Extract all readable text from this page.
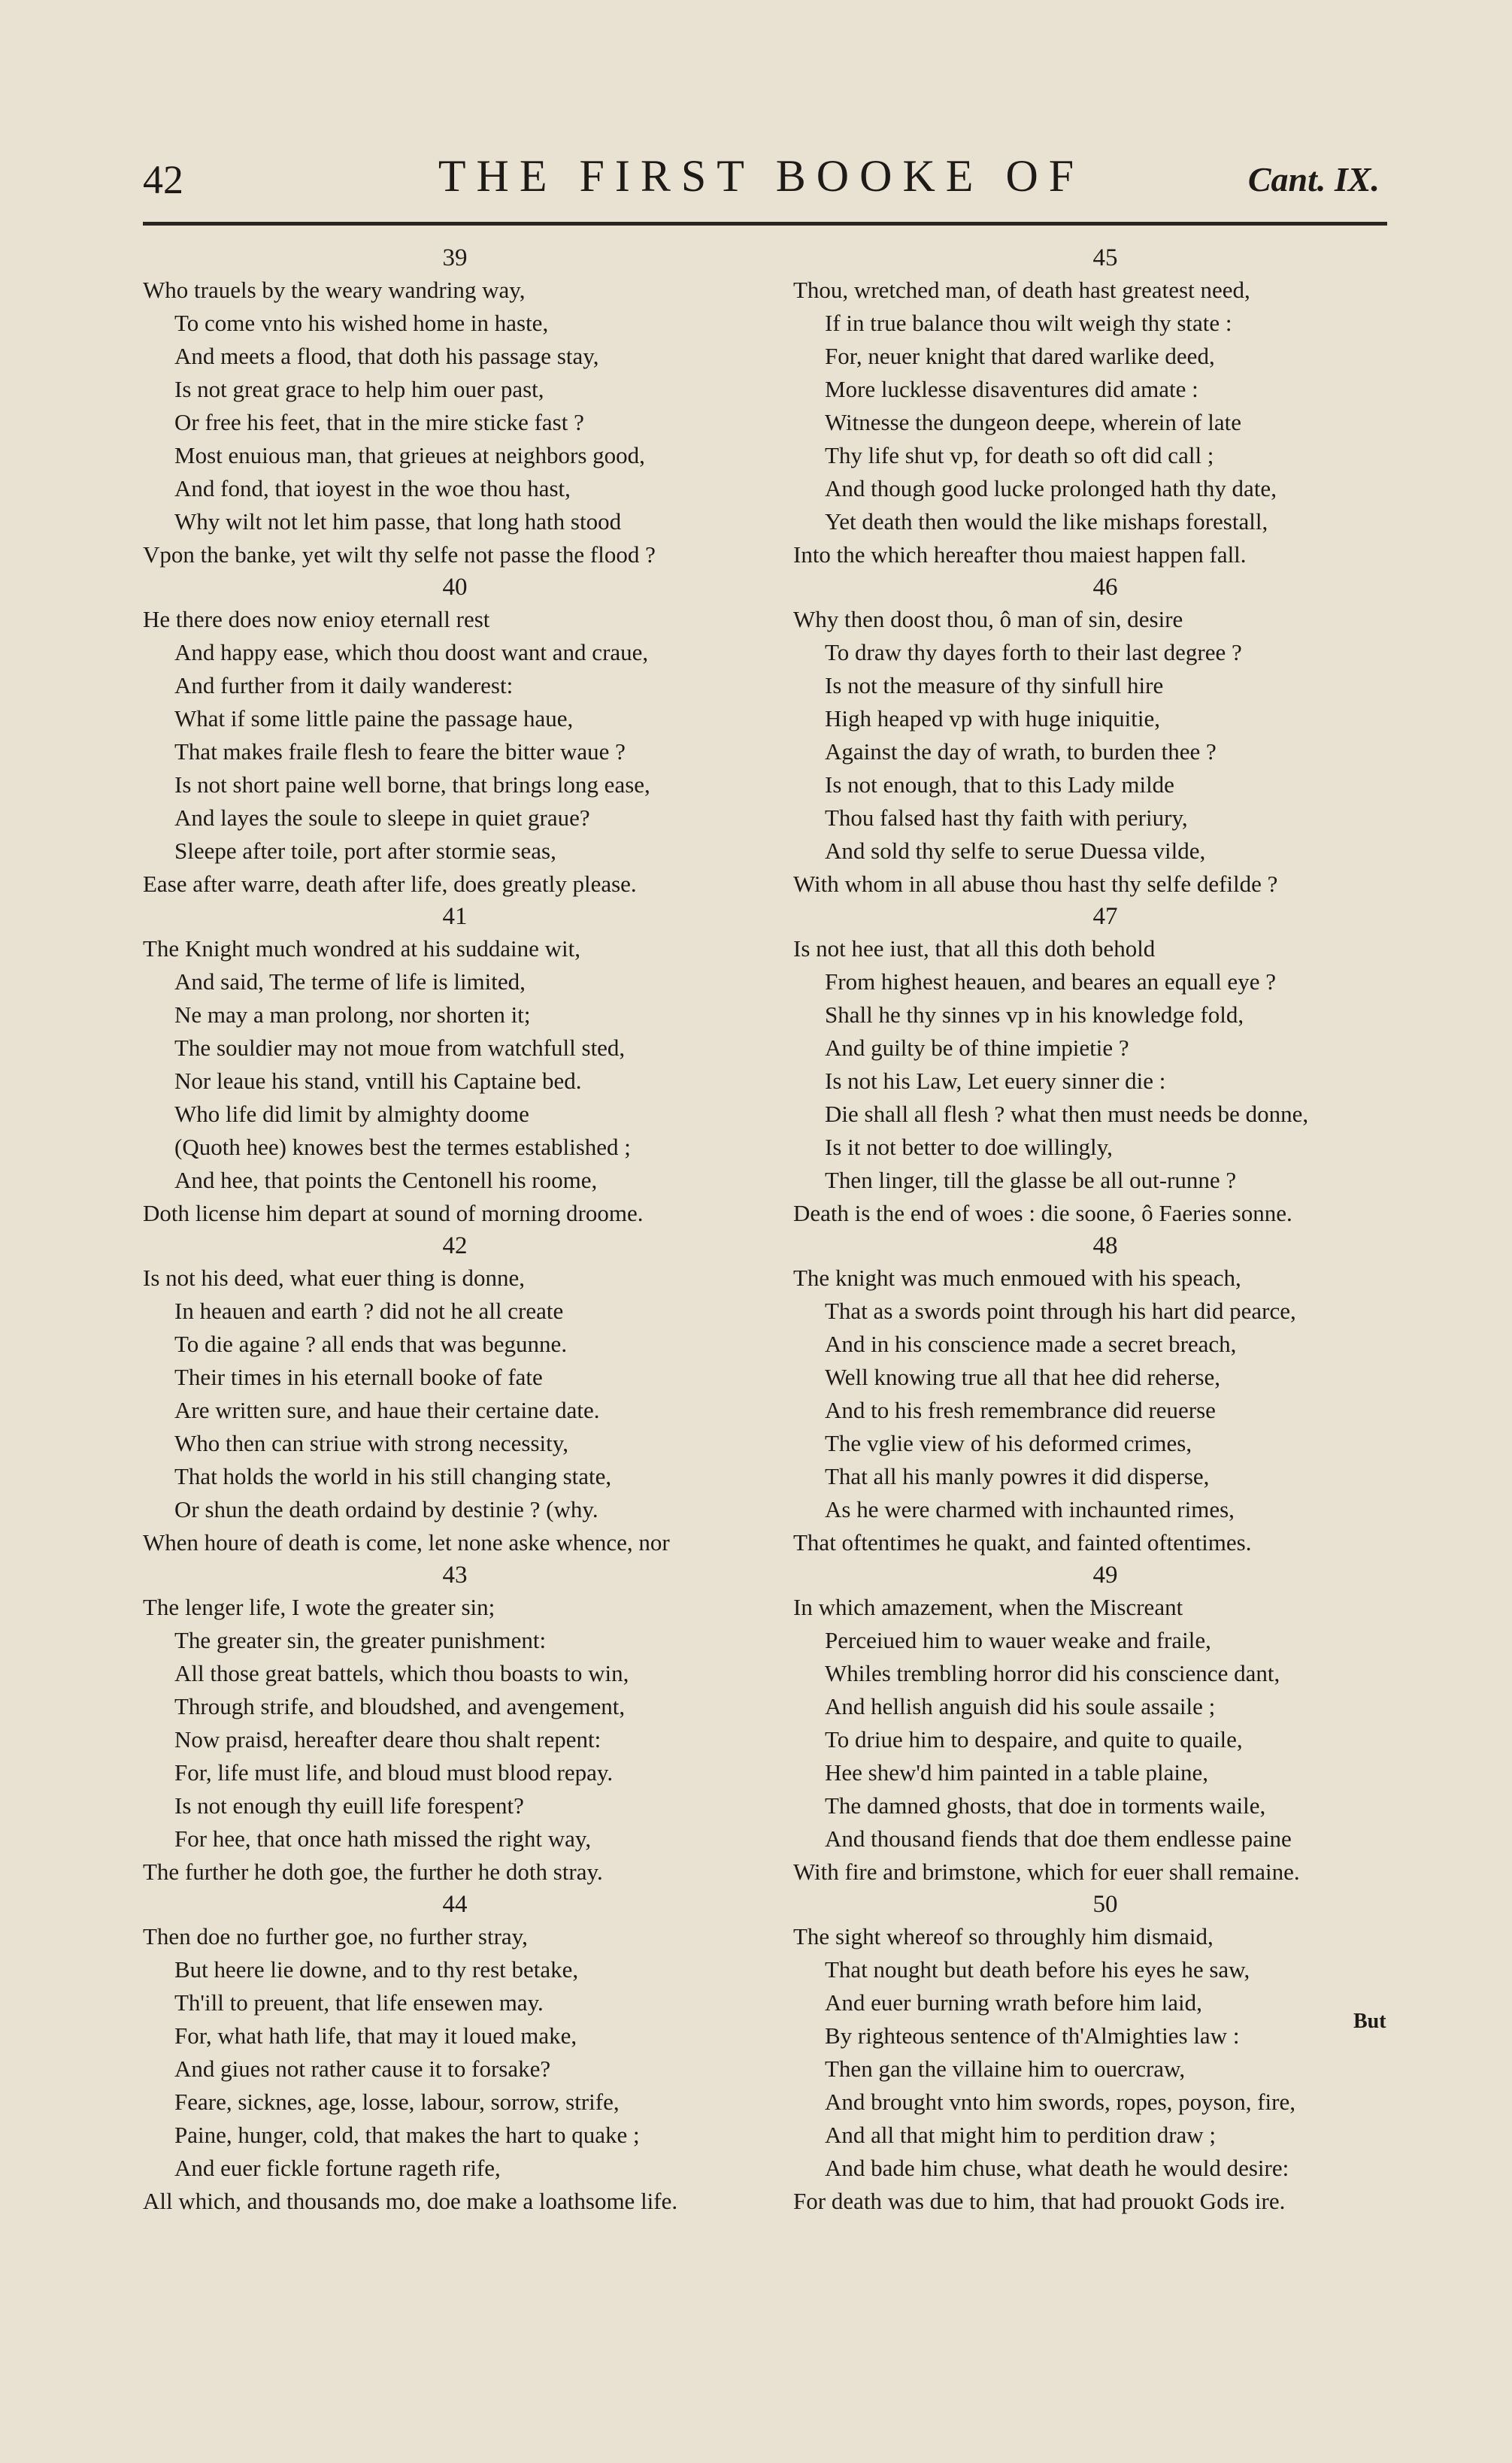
42	THE FIRST BOOKE OF	Cant. IX.
39
Who trauels by the weary wandring way,
To come vnto his wished home in haste,
And meets a flood, that doth his passage stay,
Is not great grace to help him ouer past,
Or free his feet, that in the mire sticke fast ?
Most enuious man, that grieues at neighbors good,
And fond, that ioyest in the woe thou hast,
Why wilt not let him passe, that long hath stood
Vpon the banke, yet wilt thy selfe not passe the flood ?
40
He there does now enioy eternall rest
And happy ease, which thou doost want and craue,
And further from it daily wanderest:
What if some little paine the passage haue,
That makes fraile flesh to feare the bitter waue ?
Is not short paine well borne, that brings long ease,
And layes the soule to sleepe in quiet graue?
Sleepe after toile, port after stormie seas,
Ease after warre, death after life, does greatly please.
41
The Knight much wondred at his suddaine wit,
And said, The terme of life is limited,
Ne may a man prolong, nor shorten it;
The souldier may not moue from watchfull sted,
Nor leaue his stand, vntill his Captaine bed.
Who life did limit by almighty doome
(Quoth hee) knowes best the termes established ;
And hee, that points the Centonell his roome,
Doth license him depart at sound of morning droome.
42
Is not his deed, what euer thing is donne,
In heauen and earth ? did not he all create
To die againe ? all ends that was begunne.
Their times in his eternall booke of fate
Are written sure, and haue their certaine date.
Who then can striue with strong necessity,
That holds the world in his still changing state,
Or shun the death ordaind by destinie ? (why.
When houre of death is come, let none aske whence, nor
43
The lenger life, I wote the greater sin;
The greater sin, the greater punishment:
All those great battels, which thou boasts to win,
Through strife, and bloudshed, and avengement,
Now praisd, hereafter deare thou shalt repent:
For, life must life, and bloud must blood repay.
Is not enough thy euill life forespent?
For hee, that once hath missed the right way,
The further he doth goe, the further he doth stray.
44
Then doe no further goe, no further stray,
But heere lie downe, and to thy rest betake,
Th'ill to preuent, that life ensewen may.
For, what hath life, that may it loued make,
And giues not rather cause it to forsake?
Feare, sicknes, age, losse, labour, sorrow, strife,
Paine, hunger, cold, that makes the hart to quake ;
And euer fickle fortune rageth rife,
All which, and thousands mo, doe make a loathsome life.
45
Thou, wretched man, of death hast greatest need,
If in true balance thou wilt weigh thy state :
For, neuer knight that dared warlike deed,
More lucklesse disaventures did amate :
Witnesse the dungeon deepe, wherein of late
Thy life shut vp, for death so oft did call ;
And though good lucke prolonged hath thy date,
Yet death then would the like mishaps forestall,
Into the which hereafter thou maiest happen fall.
46
Why then doost thou, ô man of sin, desire
To draw thy dayes forth to their last degree ?
Is not the measure of thy sinfull hire
High heaped vp with huge iniquitie,
Against the day of wrath, to burden thee ?
Is not enough, that to this Lady milde
Thou falsed hast thy faith with periury,
And sold thy selfe to serue Duessa vilde,
With whom in all abuse thou hast thy selfe defilde ?
47
Is not hee iust, that all this doth behold
From highest heauen, and beares an equall eye ?
Shall he thy sinnes vp in his knowledge fold,
And guilty be of thine impietie ?
Is not his Law, Let euery sinner die :
Die shall all flesh ? what then must needs be donne,
Is it not better to doe willingly,
Then linger, till the glasse be all out-runne ?
Death is the end of woes : die soone, ô Faeries sonne.
48
The knight was much enmoued with his speach,
That as a swords point through his hart did pearce,
And in his conscience made a secret breach,
Well knowing true all that hee did reherse,
And to his fresh remembrance did reuerse
The vglie view of his deformed crimes,
That all his manly powres it did disperse,
As he were charmed with inchaunted rimes,
That oftentimes he quakt, and fainted oftentimes.
49
In which amazement, when the Miscreant
Perceiued him to wauer weake and fraile,
Whiles trembling horror did his conscience dant,
And hellish anguish did his soule assaile ;
To driue him to despaire, and quite to quaile,
Hee shew'd him painted in a table plaine,
The damned ghosts, that doe in torments waile,
And thousand fiends that doe them endlesse paine
With fire and brimstone, which for euer shall remaine.
50
The sight whereof so throughly him dismaid,
That nought but death before his eyes he saw,
And euer burning wrath before him laid,
By righteous sentence of th'Almighties law :
Then gan the villaine him to ouercraw,
And brought vnto him swords, ropes, poyson, fire,
And all that might him to perdition draw ;
And bade him chuse, what death he would desire:
For death was due to him, that had prouokt Gods ire.
But
